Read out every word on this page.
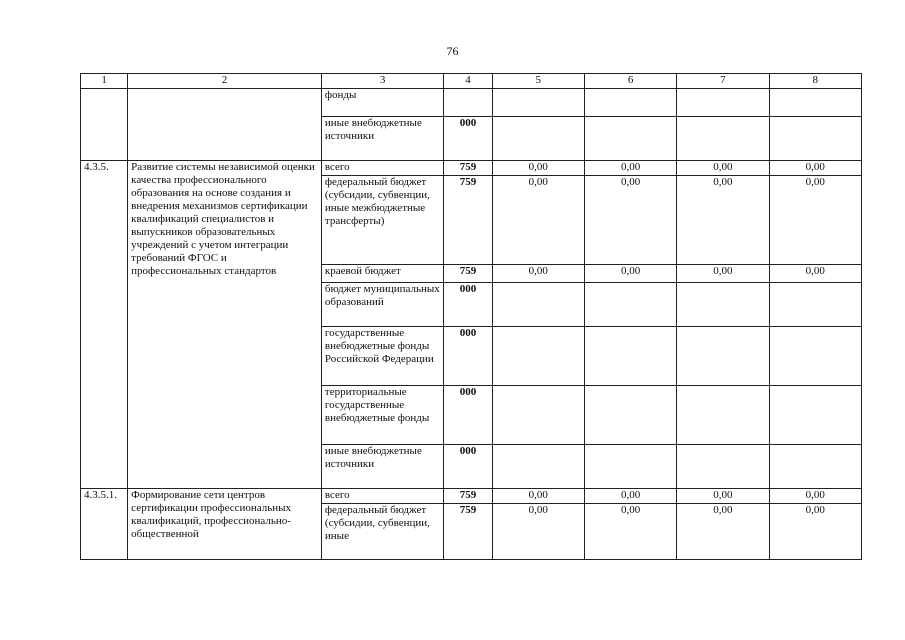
76
1	2	3	4	5	6	7	8
		фонды					
		иные внебюджетные источники	000				
4.3.5.	Развитие системы независимой оценки качества профессионального образования на основе создания и внедрения механизмов сертификации квалификаций специалистов и выпускников образовательных учреждений с учетом интеграции требований ФГОС и профессиональных стандартов	всего	759	0,00	0,00	0,00	0,00
		федеральный бюджет (субсидии, субвенции, иные межбюджетные трансферты)	759	0,00	0,00	0,00	0,00
		краевой бюджет	759	0,00	0,00	0,00	0,00
		бюджет муниципальных образований	000				
		государственные внебюджетные фонды Российской Федерации	000				
		территориальные государственные внебюджетные фонды	000				
		иные внебюджетные источники	000				
4.3.5.1.	Формирование сети центров сертификации профессиональных квалификаций, профессионально-общественной	всего	759	0,00	0,00	0,00	0,00
		федеральный бюджет (субсидии, субвенции, иные	759	0,00	0,00	0,00	0,00
